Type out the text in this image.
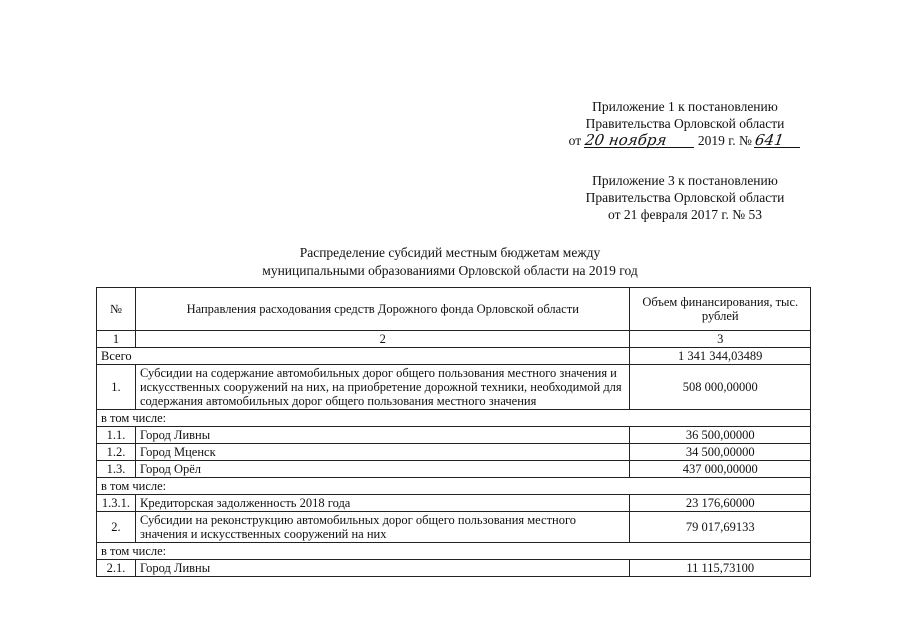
Приложение 1 к постановлению
Правительства Орловской области
от 20 ноября 2019 г. № 641
Приложение 3 к постановлению
Правительства Орловской области
от 21 февраля 2017 г. № 53
Распределение субсидий местным бюджетам между
муниципальными образованиями Орловской области на 2019 год
№	Направления расходования средств Дорожного фонда Орловской области	Объем финансирования, тыс. рублей
1	2	3
Всего		1 341 344,03489
1.	Субсидии на содержание автомобильных дорог общего пользования местного значения и искусственных сооружений на них, на приобретение дорожной техники, необходимой для содержания автомобильных дорог общего пользования местного значения	508 000,00000
в том числе:		
1.1.	Город Ливны	36 500,00000
1.2.	Город Мценск	34 500,00000
1.3.	Город Орёл	437 000,00000
в том числе:		
1.3.1.	Кредиторская задолженность 2018 года	23 176,60000
2.	Субсидии на реконструкцию автомобильных дорог общего пользования местного значения и искусственных сооружений на них	79 017,69133
в том числе:		
2.1.	Город Ливны	11 115,73100
